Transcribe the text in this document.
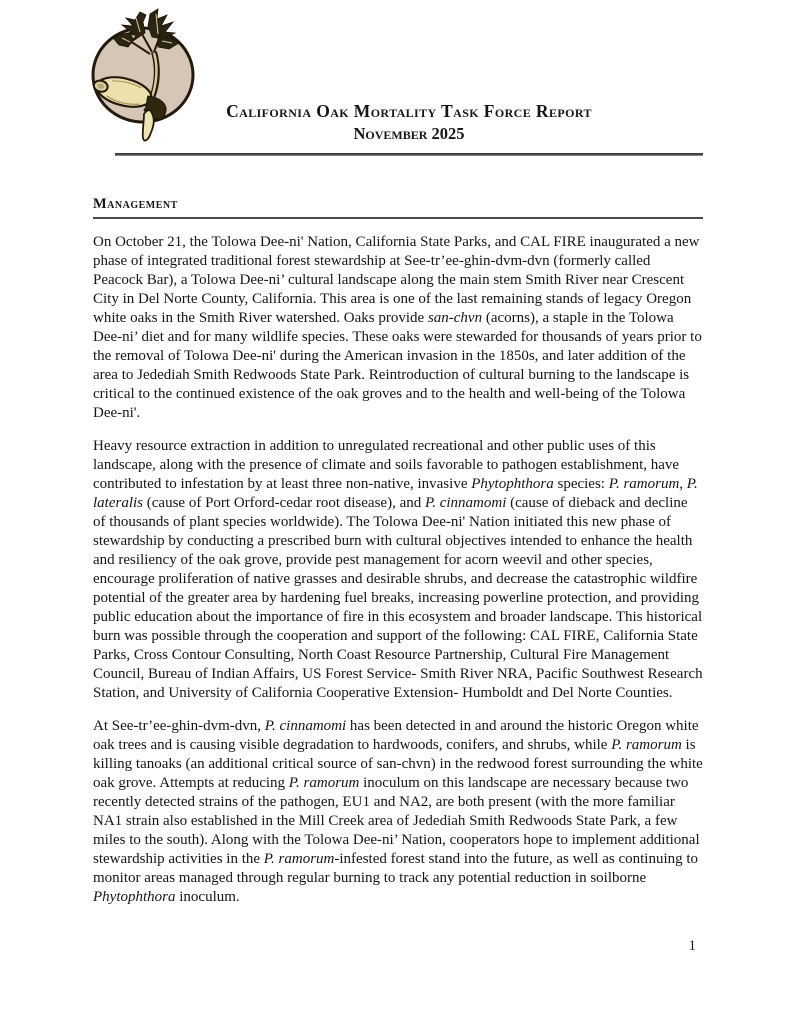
California Oak Mortality Task Force Report
November 2025
Management

On October 21, the Tolowa Dee-ni' Nation, California State Parks, and CAL FIRE inaugurated a new phase of integrated traditional forest stewardship at See-tr’ee-ghin-dvm-dvn (formerly called Peacock Bar), a Tolowa Dee-ni’ cultural landscape along the main stem Smith River near Crescent City in Del Norte County, California. This area is one of the last remaining stands of legacy Oregon white oaks in the Smith River watershed. Oaks provide san-chvn (acorns), a staple in the Tolowa Dee-ni’ diet and for many wildlife species. These oaks were stewarded for thousands of years prior to the removal of Tolowa Dee-ni' during the American invasion in the 1850s, and later addition of the area to Jedediah Smith Redwoods State Park. Reintroduction of cultural burning to the landscape is critical to the continued existence of the oak groves and to the health and well-being of the Tolowa Dee-ni'.

Heavy resource extraction in addition to unregulated recreational and other public uses of this landscape, along with the presence of climate and soils favorable to pathogen establishment, have contributed to infestation by at least three non-native, invasive Phytophthora species: P. ramorum, P. lateralis (cause of Port Orford-cedar root disease), and P. cinnamomi (cause of dieback and decline of thousands of plant species worldwide). The Tolowa Dee-ni' Nation initiated this new phase of stewardship by conducting a prescribed burn with cultural objectives intended to enhance the health and resiliency of the oak grove, provide pest management for acorn weevil and other species, encourage proliferation of native grasses and desirable shrubs, and decrease the catastrophic wildfire potential of the greater area by hardening fuel breaks, increasing powerline protection, and providing public education about the importance of fire in this ecosystem and broader landscape. This historical burn was possible through the cooperation and support of the following: CAL FIRE, California State Parks, Cross Contour Consulting, North Coast Resource Partnership, Cultural Fire Management Council, Bureau of Indian Affairs, US Forest Service- Smith River NRA, Pacific Southwest Research Station, and University of California Cooperative Extension- Humboldt and Del Norte Counties.

At See-tr’ee-ghin-dvm-dvn, P. cinnamomi has been detected in and around the historic Oregon white oak trees and is causing visible degradation to hardwoods, conifers, and shrubs, while P. ramorum is killing tanoaks (an additional critical source of san-chvn) in the redwood forest surrounding the white oak grove. Attempts at reducing P. ramorum inoculum on this landscape are necessary because two recently detected strains of the pathogen, EU1 and NA2, are both present (with the more familiar NA1 strain also established in the Mill Creek area of Jedediah Smith Redwoods State Park, a few miles to the south). Along with the Tolowa Dee-ni’ Nation, cooperators hope to implement additional stewardship activities in the P. ramorum-infested forest stand into the future, as well as continuing to monitor areas managed through regular burning to track any potential reduction in soilborne Phytophthora inoculum.

1
